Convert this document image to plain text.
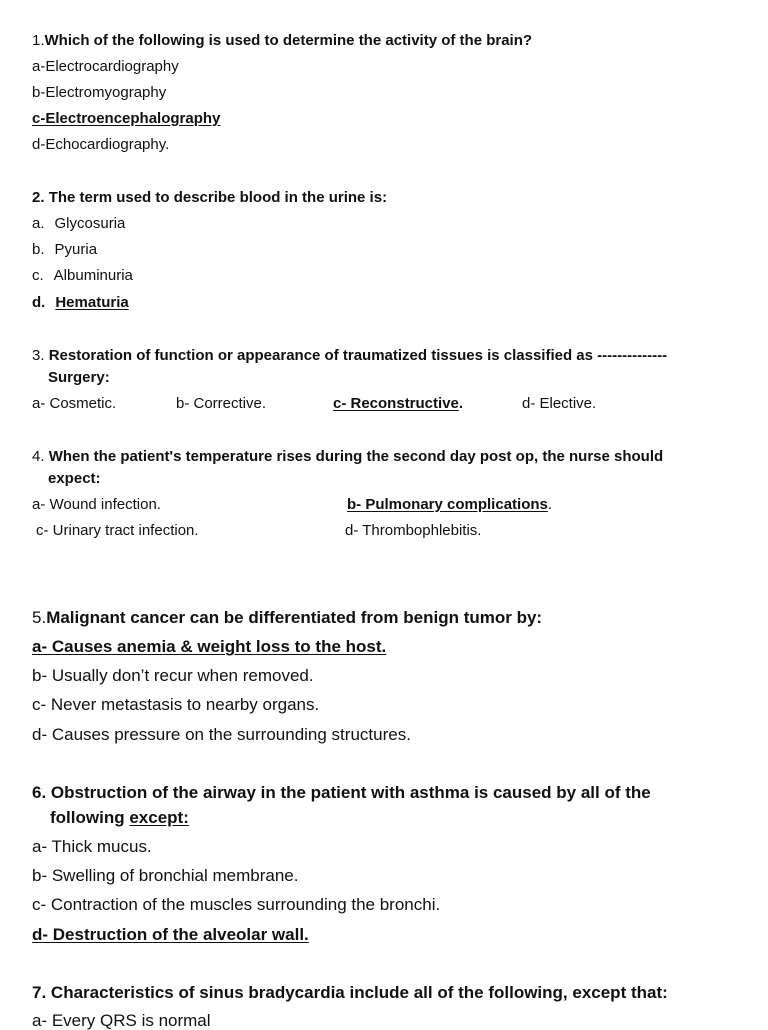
1.Which of the following is used to determine the activity of the brain?
a-Electrocardiography
b-Electromyography
c-Electroencephalography
d-Echocardiography.
2. The term used to describe blood in the urine is:
a. Glycosuria
b. Pyuria
c. Albuminuria
d. Hematuria
3. Restoration of function or appearance of traumatized tissues is classified as --------------
Surgery:
a- Cosmetic.	b- Corrective.	c- Reconstructive.	d- Elective.
4. When the patient's temperature rises during the second day post op, the nurse should
expect:
a- Wound infection.	b- Pulmonary complications.
c- Urinary tract infection.	d- Thrombophlebitis.
5.Malignant cancer can be differentiated from benign tumor by:
a- Causes anemia & weight loss to the host.
b- Usually don’t recur when removed.
c- Never metastasis to nearby organs.
d- Causes pressure on the surrounding structures.
6. Obstruction of the airway in the patient with asthma is caused by all of the
following except:
a- Thick mucus.
b- Swelling of bronchial membrane.
c- Contraction of the muscles surrounding the bronchi.
d- Destruction of the alveolar wall.
7. Characteristics of sinus bradycardia include all of the following, except that:
a- Every QRS is normal
